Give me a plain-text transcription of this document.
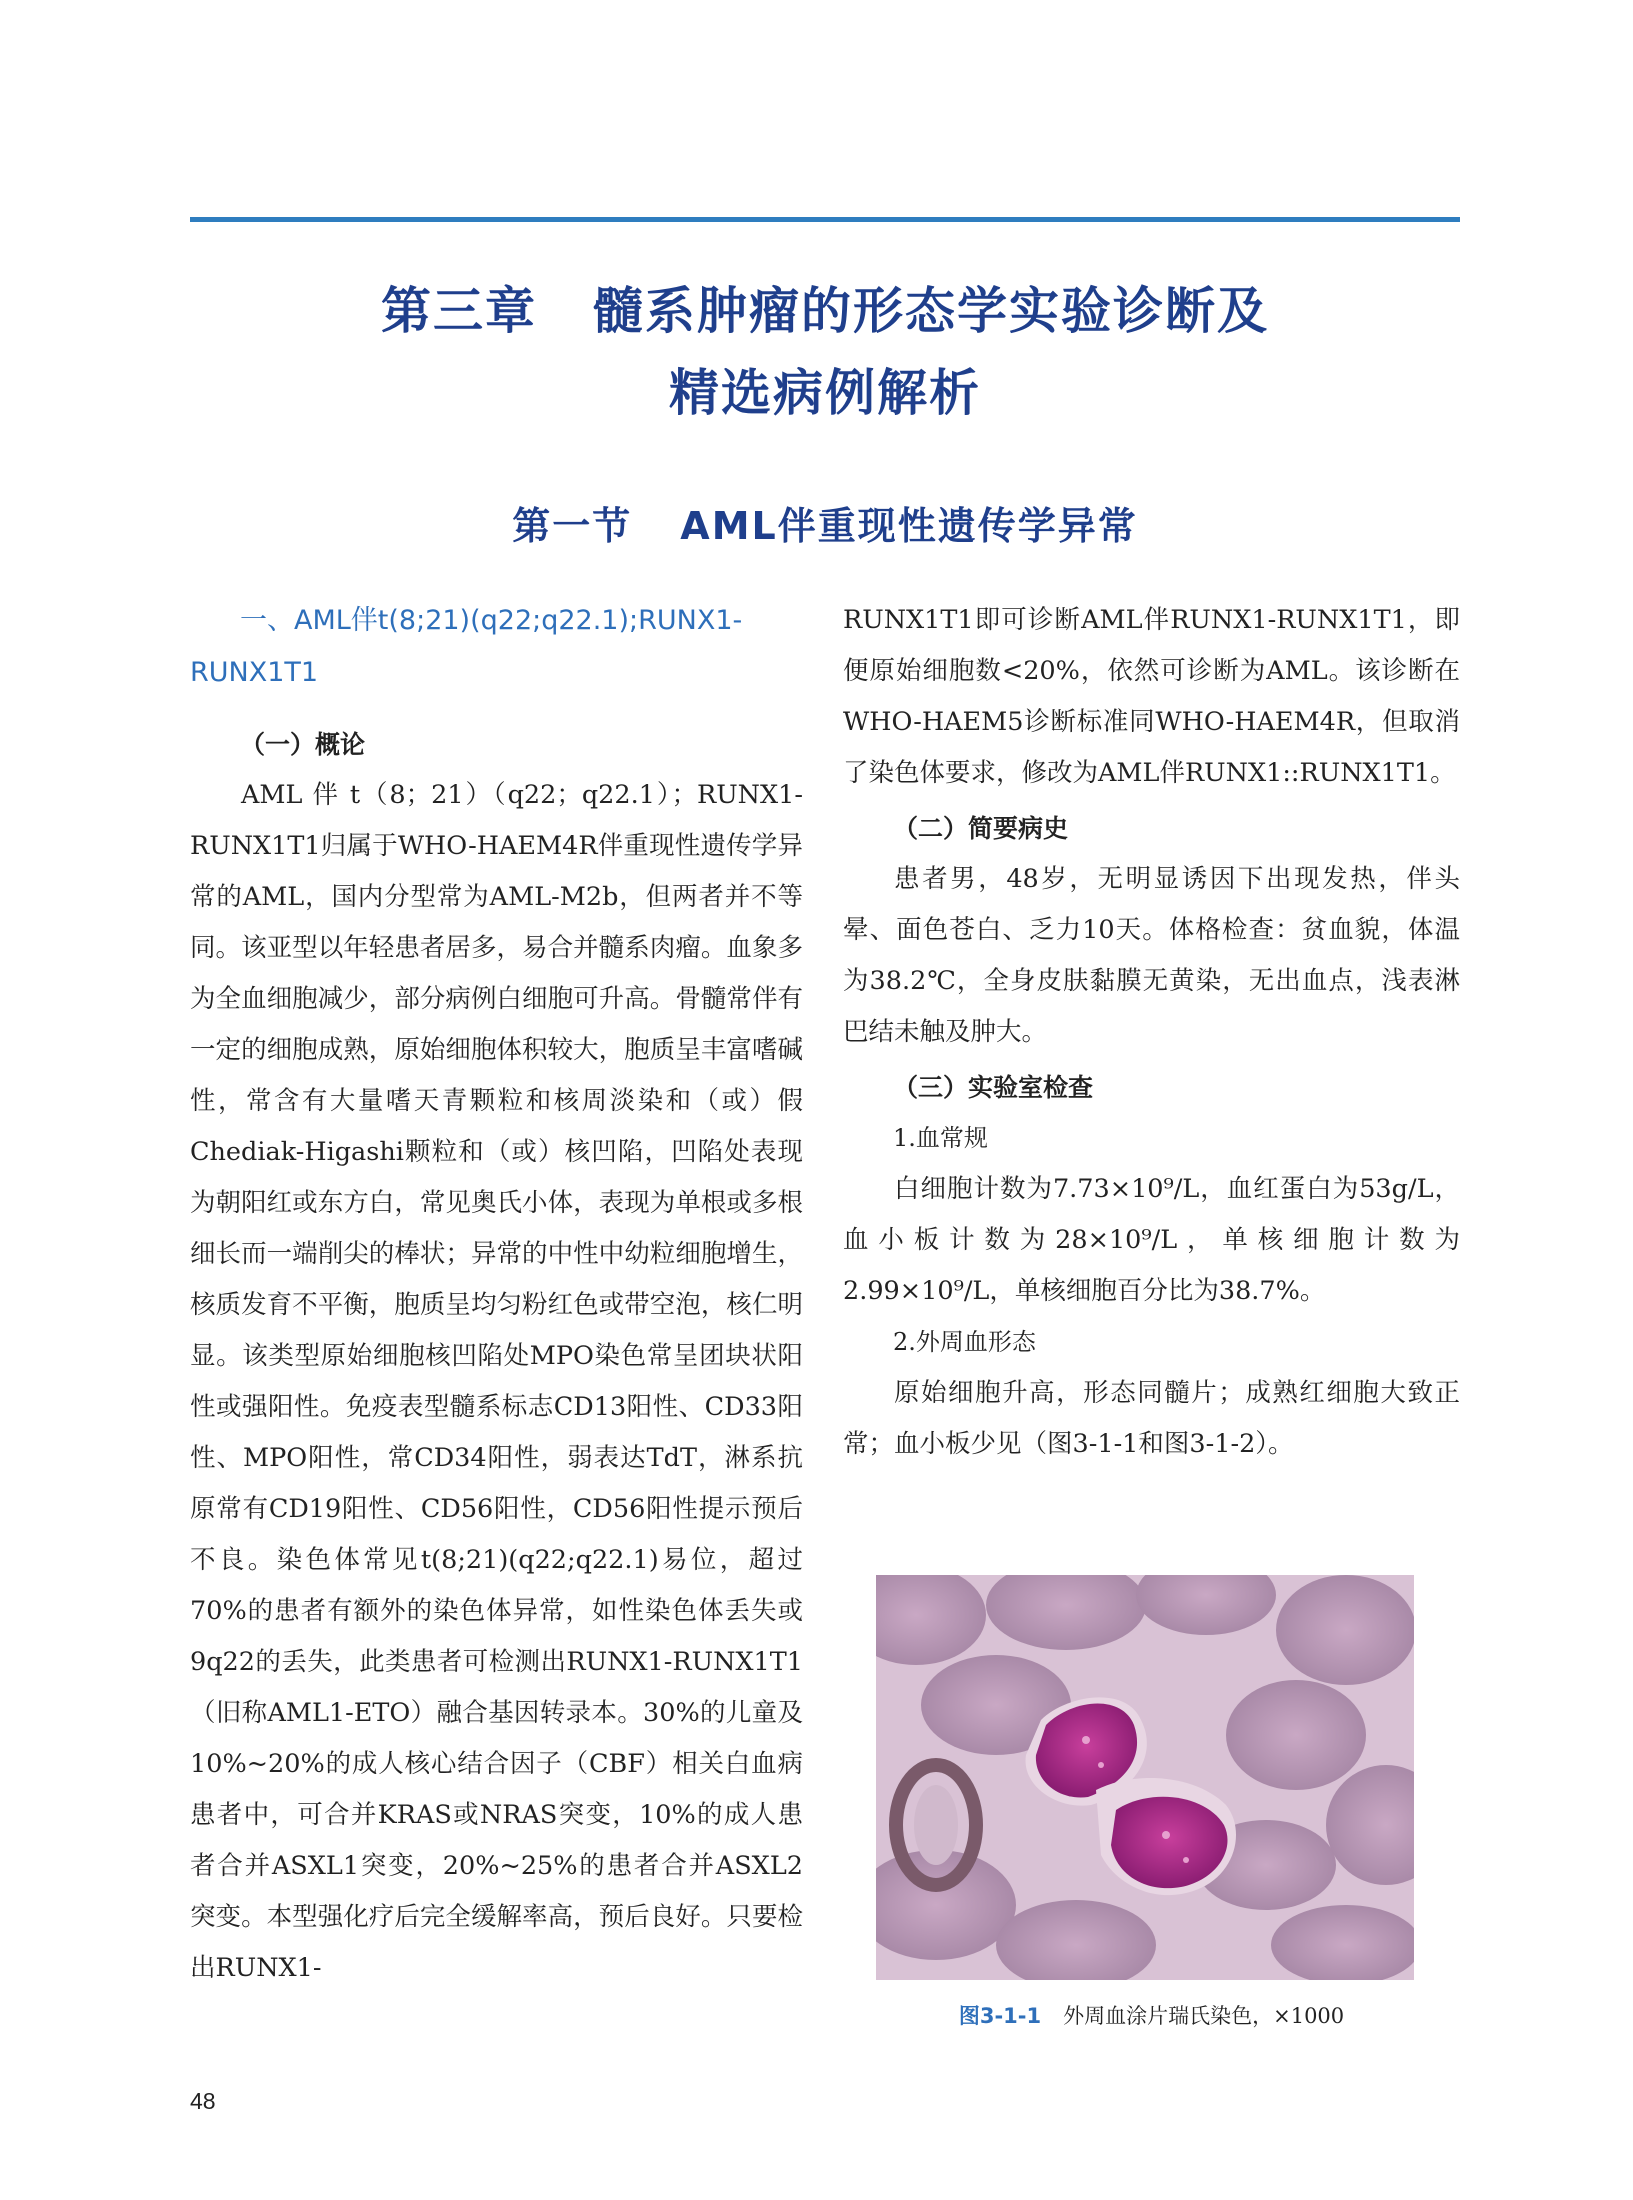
第三章 髓系肿瘤的形态学实验诊断及
精选病例解析
第一节 AML伴重现性遗传学异常
一、AML伴t(8;21)(q22;q22.1);RUNX1-
RUNX1T1
（一）概论

AML 伴 t（8；21）（q22；q22.1）；RUNX1-RUNX1T1归属于WHO-HAEM4R伴重现性遗传学异常的AML，国内分型常为AML-M2b，但两者并不等同。该亚型以年轻患者居多，易合并髓系肉瘤。血象多为全血细胞减少，部分病例白细胞可升高。骨髓常伴有一定的细胞成熟，原始细胞体积较大，胞质呈丰富嗜碱性，常含有大量嗜天青颗粒和核周淡染和（或）假Chediak-Higashi颗粒和（或）核凹陷，凹陷处表现为朝阳红或东方白，常见奥氏小体，表现为单根或多根细长而一端削尖的棒状；异常的中性中幼粒细胞增生，核质发育不平衡，胞质呈均匀粉红色或带空泡，核仁明显。该类型原始细胞核凹陷处MPO染色常呈团块状阳性或强阳性。免疫表型髓系标志CD13阳性、CD33阳性、MPO阳性，常CD34阳性，弱表达TdT，淋系抗原常有CD19阳性、CD56阳性，CD56阳性提示预后不良。染色体常见t(8;21)(q22;q22.1)易位，超过70%的患者有额外的染色体异常，如性染色体丢失或9q22的丢失，此类患者可检测出RUNX1-RUNX1T1（旧称AML1-ETO）融合基因转录本。30%的儿童及10%~20%的成人核心结合因子（CBF）相关白血病患者中，可合并KRAS或NRAS突变，10%的成人患者合并ASXL1突变，20%~25%的患者合并ASXL2突变。本型强化疗后完全缓解率高，预后良好。只要检出RUNX1-

RUNX1T1即可诊断AML伴RUNX1-RUNX1T1，即便原始细胞数<20%，依然可诊断为AML。该诊断在WHO-HAEM5诊断标准同WHO-HAEM4R，但取消了染色体要求，修改为AML伴RUNX1::RUNX1T1。

（二）简要病史

患者男，48岁，无明显诱因下出现发热，伴头晕、面色苍白、乏力10天。体格检查：贫血貌，体温为38.2℃，全身皮肤黏膜无黄染，无出血点，浅表淋巴结未触及肿大。

（三）实验室检查
1.血常规

白细胞计数为7.73×10⁹/L，血红蛋白为53g/L，血小板计数为28×10⁹/L，单核细胞计数为2.99×10⁹/L，单核细胞百分比为38.7%。

2.外周血形态

原始细胞升高，形态同髓片；成熟红细胞大致正常；血小板少见（图3-1-1和图3-1-2）。

图3-1-1 外周血涂片瑞氏染色，×1000
48
